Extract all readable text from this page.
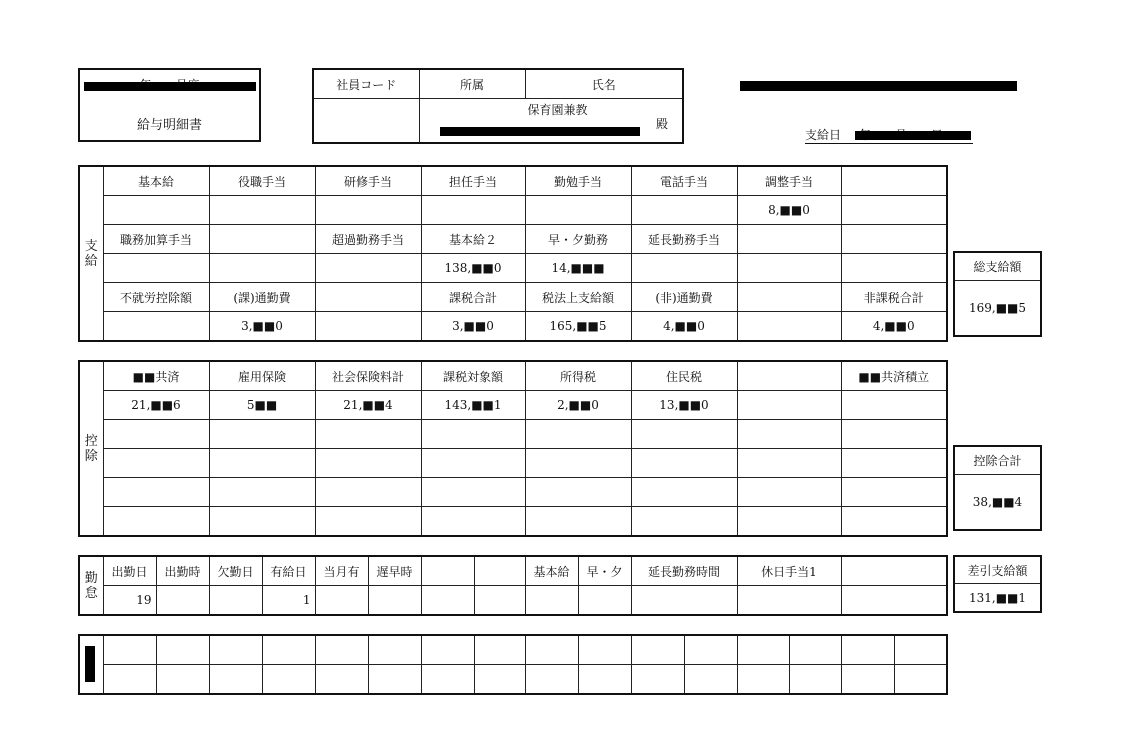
給与明細書
社員コード	所属	氏名

	保育園兼教
殿	
支給日
支給	基本給	役職手当	研修手当	担任手当	勤勉手当	電話手当	調整手当	
							8,■■0	
	職務加算手当		超過勤務手当	基本給２	早・夕勤務	延長勤務手当		
				138,■■0	14,■■■			
	不就労控除額	(課)通勤費		課税合計	税法上支給額	(非)通勤費		非課税合計
		3,■■0		3,■■0	165,■■5	4,■■0		4,■■0
総支給額
169,■■5
控除	■■共済	雇用保険	社会保険料計	課税対象額	所得税	住民税		■■共済積立
	21,■■6	5■■	21,■■4	143,■■1	2,■■0	13,■■0		

控除合計
38,■■4
勤怠	出勤日	出勤時	欠勤日	有給日	当月有	遅早時			基本給	早・夕	延長勤務時間	休日手当1	
	19			1									
差引支給額
131,■■1
